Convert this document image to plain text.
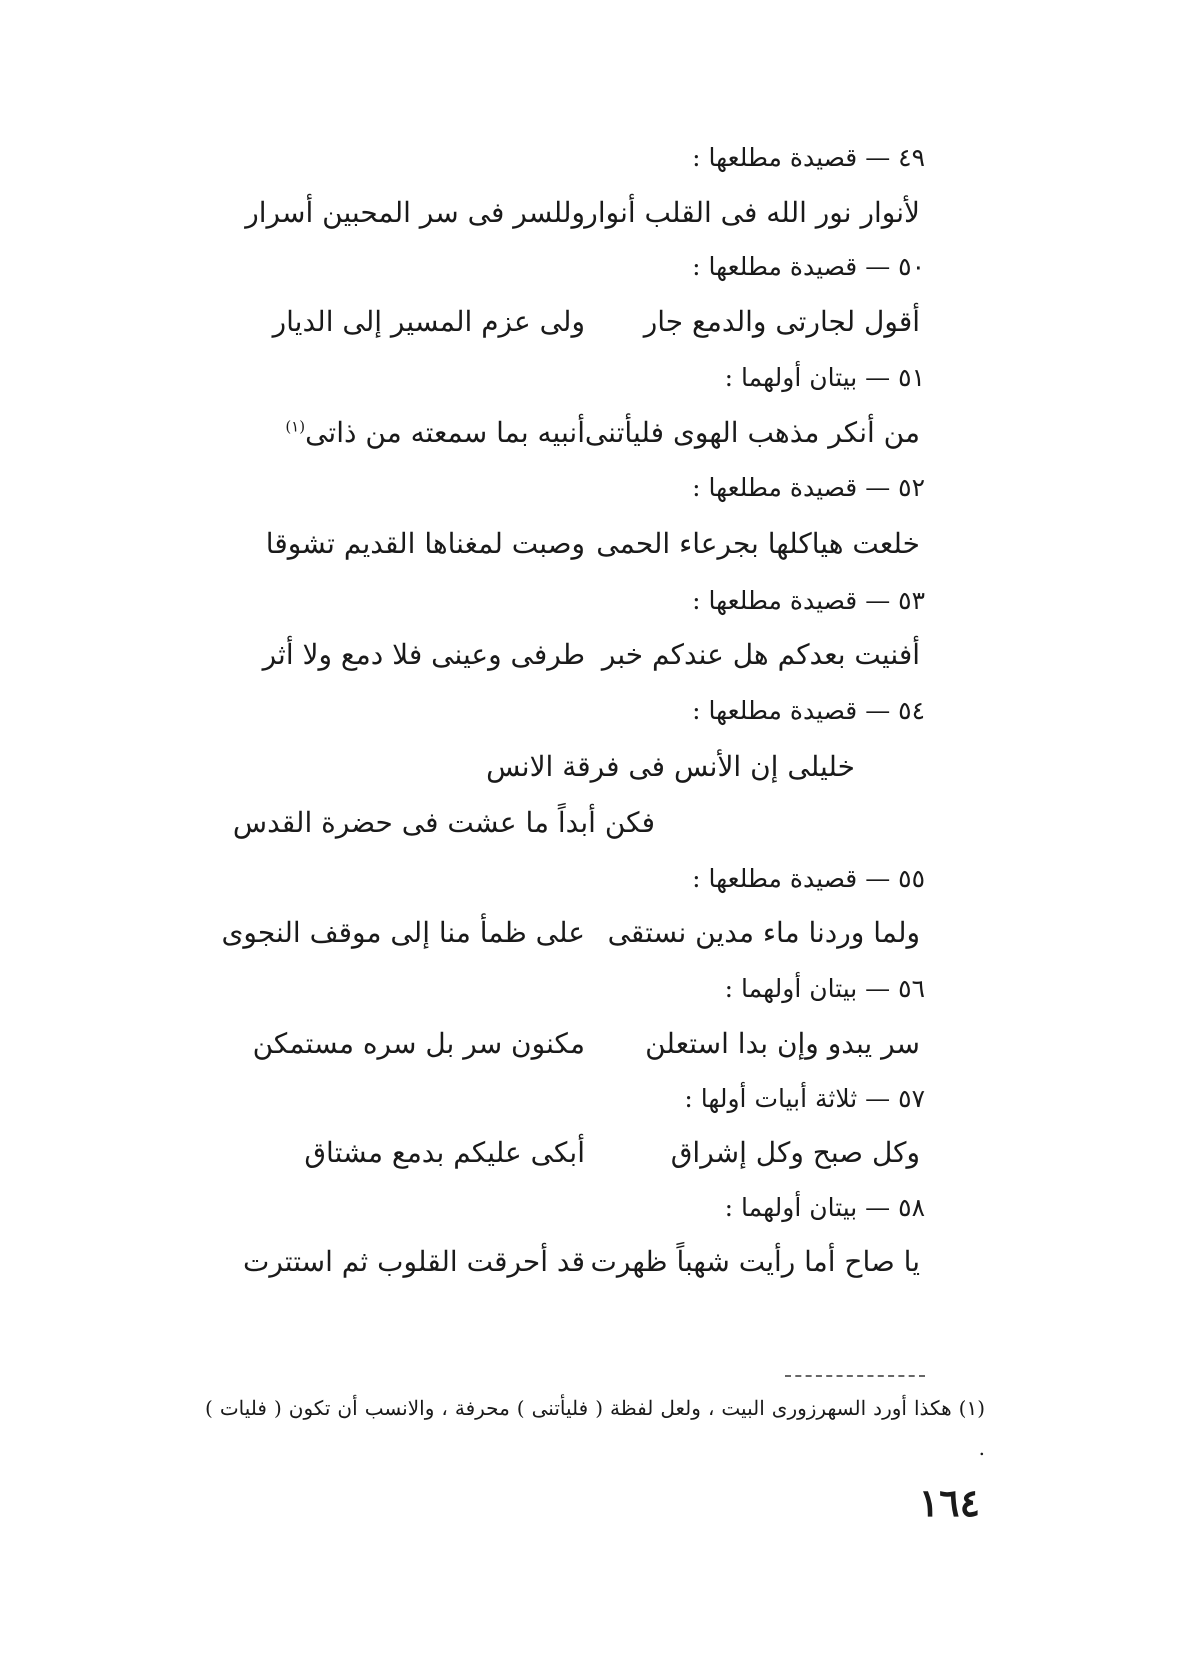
٤٩ — قصيدة مطلعها :
لأنوار نور الله فى القلب أنوار
وللسر فى سر المحبين أسرار
٥٠ — قصيدة مطلعها :
أقول لجارتى والدمع جار
ولى عزم المسير إلى الديار
٥١ — بيتان أولهما :
من أنكر مذهب الهوى فليأتنى
أنبيه بما سمعته من ذاتى$^{(١)}$
٥٢ — قصيدة مطلعها :
خلعت هياكلها بجرعاء الحمى
وصبت لمغناها القديم تشوقا
٥٣ — قصيدة مطلعها :
أفنيت بعدكم هل عندكم خبر
طرفى وعينى فلا دمع ولا أثر
٥٤ — قصيدة مطلعها :
خليلى إن الأنس فى فرقة الانس
فكن أبداً ما عشت فى حضرة القدس
٥٥ — قصيدة مطلعها :
ولما وردنا ماء مدين نستقى
على ظمأ منا إلى موقف النجوى
٥٦ — بيتان أولهما :
سر يبدو وإن بدا استعلن
مكنون سر بل سره مستمكن
٥٧ — ثلاثة أبيات أولها :
وكل صبح وكل إشراق
أبكى عليكم بدمع مشتاق
٥٨ — بيتان أولهما :
يا صاح أما رأيت شهباً ظهرت
قد أحرقت القلوب ثم استترت
(١) هكذا أورد السهرزورى البيت ، ولعل لفظة ( فليأتنى ) محرفة ، والانسب أن تكون ( فليات ) .
١٦٤
